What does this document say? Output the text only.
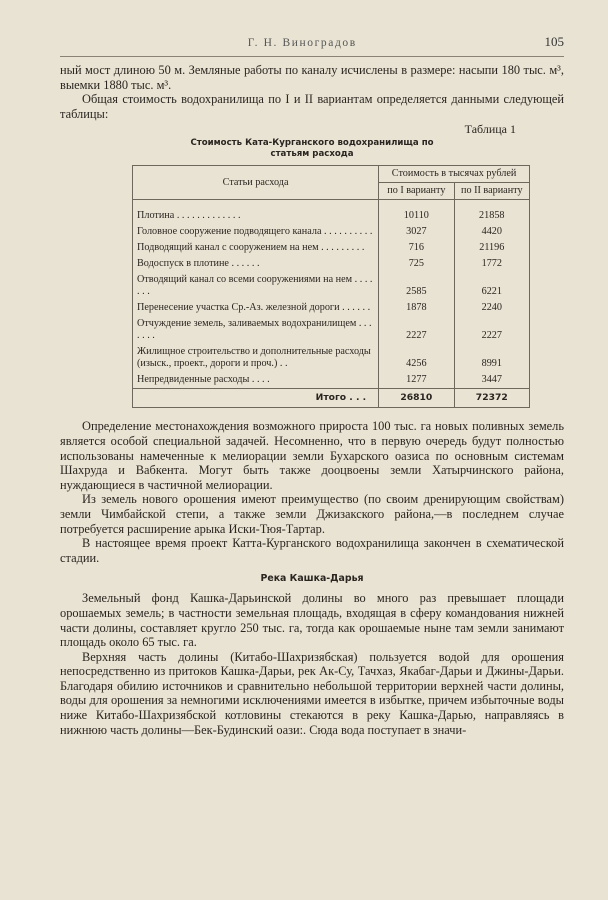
Г. Н. Виноградов	105

ный мост длиною 50 м. Земляные работы по каналу исчислены в размере: насыпи 180 тыс. м³, выемки 1880 тыс. м³.

Общая стоимость водохранилища по I и II вариантам определяется данными следующей таблицы:

Таблица 1
Стоимость Ката-Курганского водохранилища по
статьям расхода
Статьи расхода	Стоимость в тысячах рублей	
	по I варианту	по II варианту

Плотина . . . . . . . . . . . . .	10110	21858
Головное сооружение подводящего канала . . . . . . . . . .	3027	4420
Подводящий канал с сооружением на нем . . . . . . . . .	716	21196
Водоспуск в плотине . . . . . .	725	1772
Отводящий канал со всеми сооружениями на нем . . . . . . .	2585	6221
Перенесение участка Ср.-Аз. железной дороги . . . . . .	1878	2240
Отчуждение земель, заливаемых водохранилищем . . . . . . .	2227	2227
Жилищное строительство и дополнительные расходы (изыск., проект., дороги и проч.) . .	4256	8991
Непредвиденные расходы . . . .	1277	3447
Итого . . .	26810	72372

Определение местонахождения возможного прироста 100 тыс. га новых поливных земель является особой специальной задачей. Несомненно, что в первую очередь будут полностью использованы намеченные к мелиорации земли Бухарского оазиса по основным системам Шахруда и Вабкента. Могут быть также дооцвоены земли Хатырчинского района, нуждающиеся в частичной мелиорации.

Из земель нового орошения имеют преимущество (по своим дренирующим свойствам) земли Чимбайской степи, а также земли Джизакского района,—в последнем случае потребуется расширение арыка Иски-Тюя-Тартар.

В настоящее время проект Катта-Курганского водохранилища закончен в схематической стадии.

Река Кашка-Дарья

Земельный фонд Кашка-Дарьинской долины во много раз превышает площади орошаемых земель; в частности земельная площадь, входящая в сферу командования нижней части долины, составляет кругло 250 тыс. га, тогда как орошаемые ныне там земли занимают площадь около 65 тыс. га.

Верхняя часть долины (Китабо-Шахризябская) пользуется водой для орошения непосредственно из притоков Кашка-Дарьи, рек Ак-Су, Тачхаз, Якабаг-Дарьи и Джины-Дарьи. Благодаря обилию источников и сравнительно небольшой территории верхней части долины, воды для орошения за немногими исключениями имеется в избытке, причем избыточные воды ниже Китабо-Шахризябской котловины стекаются в реку Кашка-Дарью, направляясь в нижнюю часть долины—Бек-Будинский оази:. Сюда вода поступает в значи-
